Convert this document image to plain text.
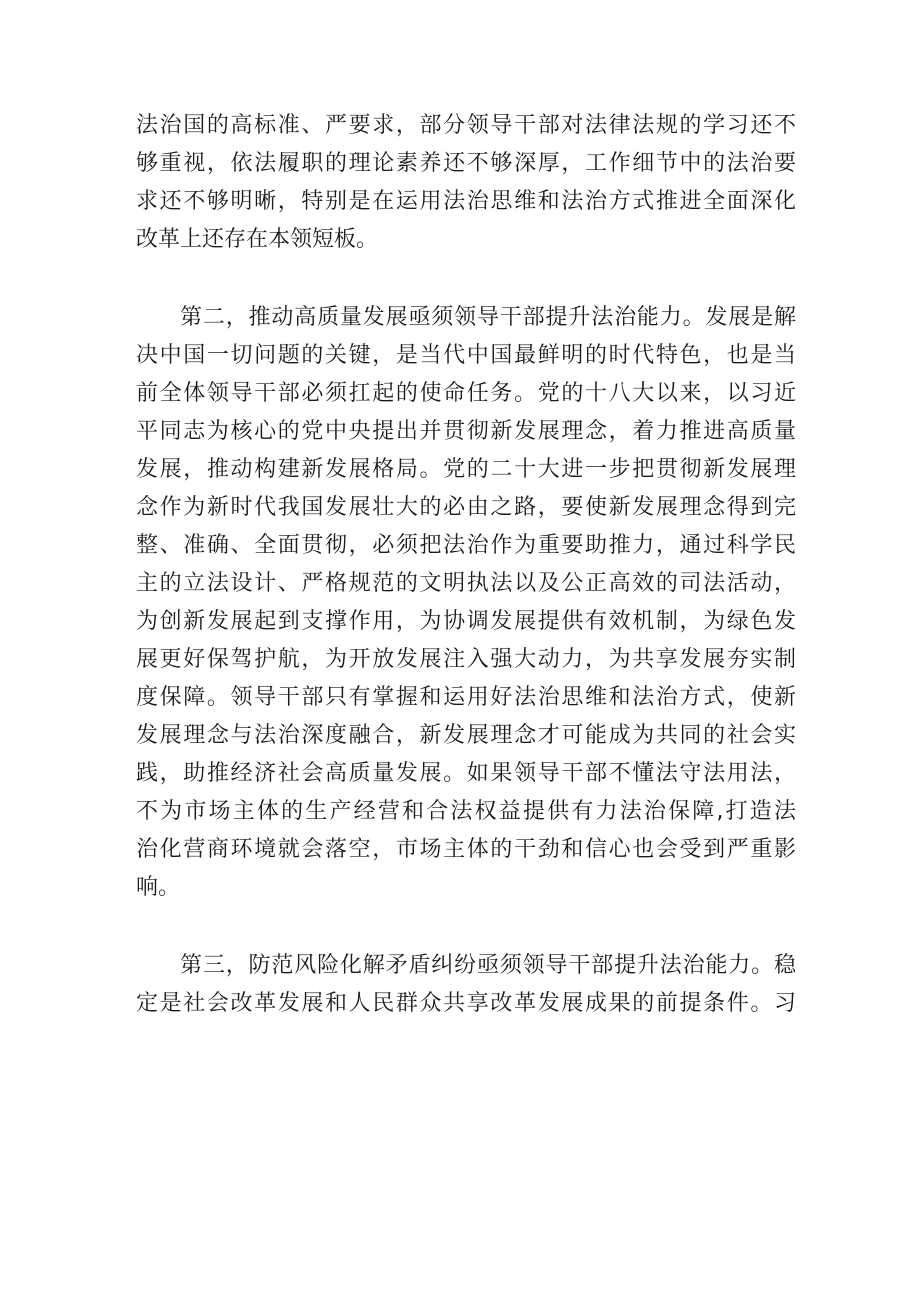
法治国的高标准、严要求，部分领导干部对法律法规的学习还不
够重视，依法履职的理论素养还不够深厚，工作细节中的法治要
求还不够明晰，特别是在运用法治思维和法治方式推进全面深化
改革上还存在本领短板。
第二，推动高质量发展亟须领导干部提升法治能力。发展是解
决中国一切问题的关键，是当代中国最鲜明的时代特色，也是当
前全体领导干部必须扛起的使命任务。党的十八大以来，以习近
平同志为核心的党中央提出并贯彻新发展理念，着力推进高质量
发展，推动构建新发展格局。党的二十大进一步把贯彻新发展理
念作为新时代我国发展壮大的必由之路，要使新发展理念得到完
整、准确、全面贯彻，必须把法治作为重要助推力，通过科学民
主的立法设计、严格规范的文明执法以及公正高效的司法活动，
为创新发展起到支撑作用，为协调发展提供有效机制，为绿色发
展更好保驾护航，为开放发展注入强大动力，为共享发展夯实制
度保障。领导干部只有掌握和运用好法治思维和法治方式，使新
发展理念与法治深度融合，新发展理念才可能成为共同的社会实
践，助推经济社会高质量发展。如果领导干部不懂法守法用法，
不为市场主体的生产经营和合法权益提供有力法治保障,打造法
治化营商环境就会落空，市场主体的干劲和信心也会受到严重影
响。
第三，防范风险化解矛盾纠纷亟须领导干部提升法治能力。稳
定是社会改革发展和人民群众共享改革发展成果的前提条件。习
